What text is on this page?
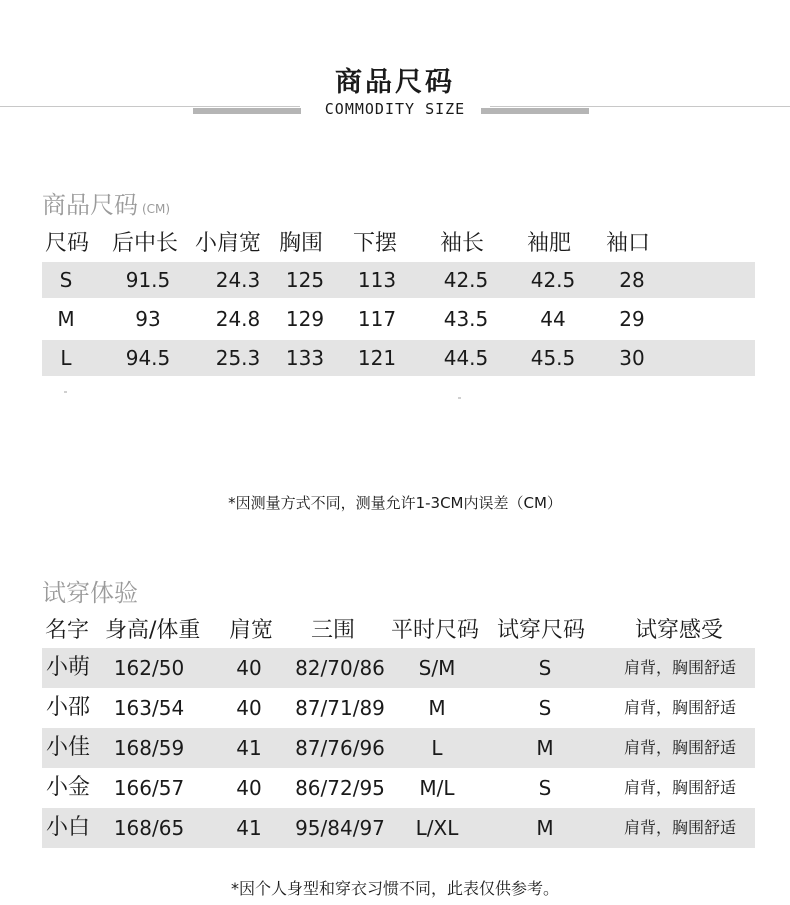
商品尺码
COMMODITY SIZE
商品尺码 (CM)
尺码 后中长 小肩宽 胸围 下摆 袖长 袖肥 袖口
S	91.5	24.3	125	113	42.5	42.5	28
M	93	24.8	129	117	43.5	44	29
L	94.5	25.3	133	121	44.5	45.5	30
*因测量方式不同，测量允许1-3CM内误差（CM）
试穿体验
名字 身高/体重 肩宽 三围 平时尺码 试穿尺码 试穿感受
小萌	162/50	40	82/70/86	S/M	S	肩背，胸围舒适
小邵	163/54	40	87/71/89	M	S	肩背，胸围舒适
小佳	168/59	41	87/76/96	L	M	肩背，胸围舒适
小金	166/57	40	86/72/95	M/L	S	肩背，胸围舒适
小白	168/65	41	95/84/97	L/XL	M	肩背，胸围舒适
*因个人身型和穿衣习惯不同，此表仅供参考。
